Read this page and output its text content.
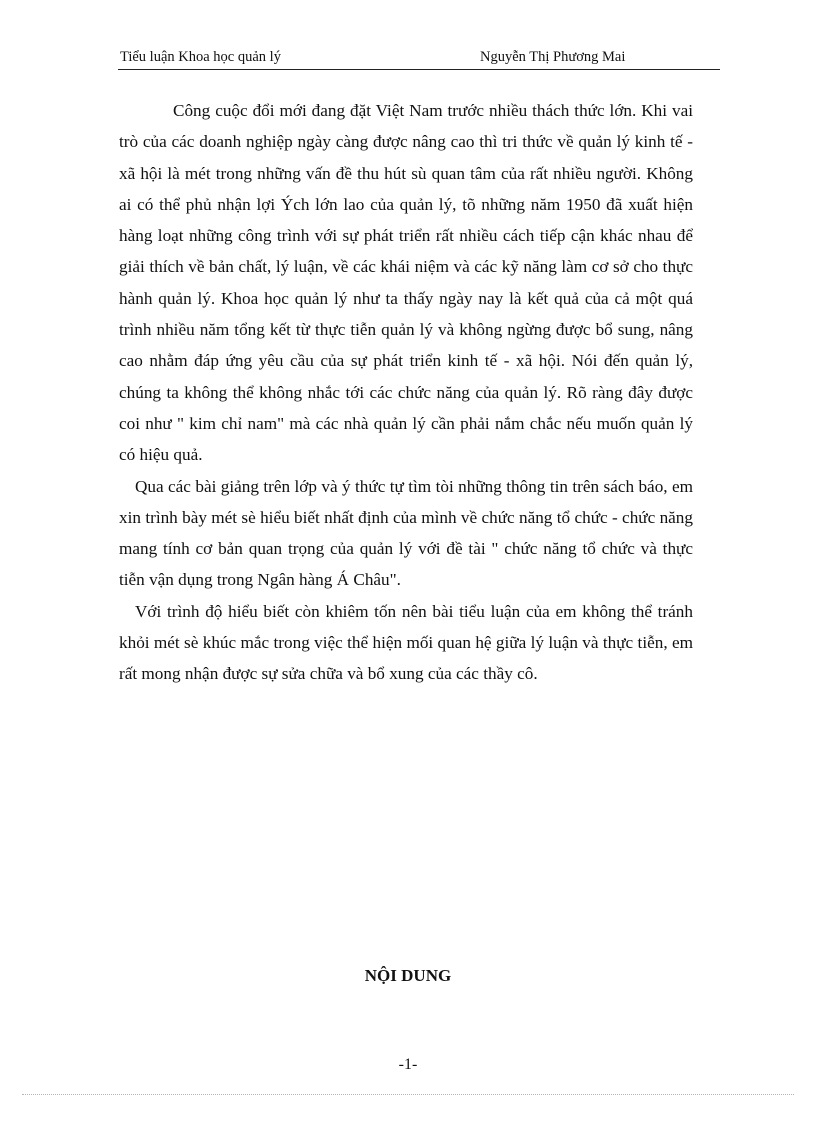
Tiểu luận Khoa học quản lý	Nguyễn Thị Phương Mai

Công cuộc đổi mới đang đặt Việt Nam trước nhiều thách thức lớn. Khi vai trò của các doanh nghiệp ngày càng được nâng cao thì tri thức về quản lý kinh tế - xã hội là mét trong những vấn đề thu hút sù quan tâm của rất nhiều người. Không ai có thể phủ nhận lợi Ých lớn lao của quản lý, tõ những năm 1950 đã xuất hiện hàng loạt những công trình với sự phát triển rất nhiều cách tiếp cận khác nhau để giải thích về bản chất, lý luận, về các khái niệm và các kỹ năng làm cơ sở cho thực hành quản lý. Khoa học quản lý như ta thấy ngày nay là kết quả của cả một quá trình nhiều năm tổng kết từ thực tiễn quản lý và không ngừng được bổ sung, nâng cao nhằm đáp ứng yêu cầu của sự phát triển kinh tế - xã hội. Nói đến quản lý, chúng ta không thể không nhắc tới các chức năng của quản lý. Rõ ràng đây được coi như " kim chỉ nam" mà các nhà quản lý cần phải nắm chắc nếu muốn quản lý có hiệu quả.

Qua các bài giảng trên lớp và ý thức tự tìm tòi những thông tin trên sách báo, em xin trình bày mét sè hiểu biết nhất định của mình về chức năng tổ chức - chức năng mang tính cơ bản quan trọng của quản lý với đề tài " chức năng tổ chức và thực tiễn vận dụng trong Ngân hàng Á Châu".

Với trình độ hiểu biết còn khiêm tốn nên bài tiểu luận của em không thể tránh khỏi mét sè khúc mắc trong việc thể hiện mối quan hệ giữa lý luận và thực tiễn, em rất mong nhận được sự sửa chữa và bổ xung của các thầy cô.

NỘI DUNG
-1-
